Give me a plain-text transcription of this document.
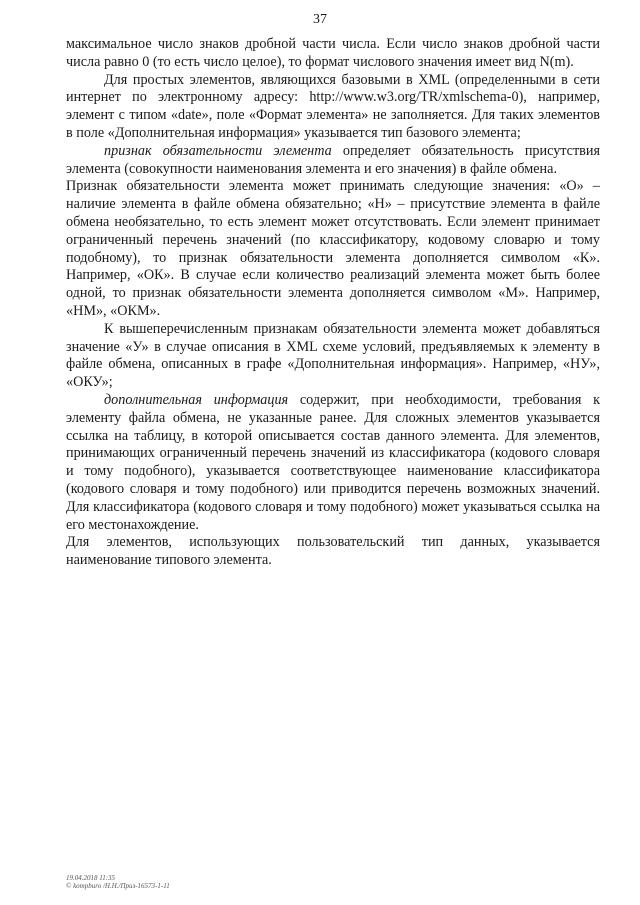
37

максимальное число знаков дробной части числа. Если число знаков дробной части числа равно 0 (то есть число целое), то формат числового значения имеет вид N(m).

Для простых элементов, являющихся базовыми в XML (определенными в сети интернет по электронному адресу: http://www.w3.org/TR/xmlschema-0), например, элемент с типом «date», поле «Формат элемента» не заполняется. Для таких элементов в поле «Дополнительная информация» указывается тип базового элемента;

признак обязательности элемента определяет обязательность присутствия элемента (совокупности наименования элемента и его значения) в файле обмена.

Признак обязательности элемента может принимать следующие значения: «О» – наличие элемента в файле обмена обязательно; «Н» – присутствие элемента в файле обмена необязательно, то есть элемент может отсутствовать. Если элемент принимает ограниченный перечень значений (по классификатору, кодовому словарю и тому подобному), то признак обязательности элемента дополняется символом «К». Например, «ОК». В случае если количество реализаций элемента может быть более одной, то признак обязательности элемента дополняется символом «М». Например, «НМ», «ОКМ».

К вышеперечисленным признакам обязательности элемента может добавляться значение «У» в случае описания в XML схеме условий, предъявляемых к элементу в файле обмена, описанных в графе «Дополнительная информация». Например, «НУ», «ОКУ»;

дополнительная информация содержит, при необходимости, требования к элементу файла обмена, не указанные ранее. Для сложных элементов указывается ссылка на таблицу, в которой описывается состав данного элемента. Для элементов, принимающих ограниченный перечень значений из классификатора (кодового словаря и тому подобного), указывается соответствующее наименование классификатора (кодового словаря и тому подобного) или приводится перечень возможных значений. Для классификатора (кодового словаря и тому подобного) может указываться ссылка на его местонахождение.

Для элементов, использующих пользовательский тип данных, указывается наименование типового элемента.

19.04.2018 11:35
© kompburo /Н.Н./Приз-16573-1-11
